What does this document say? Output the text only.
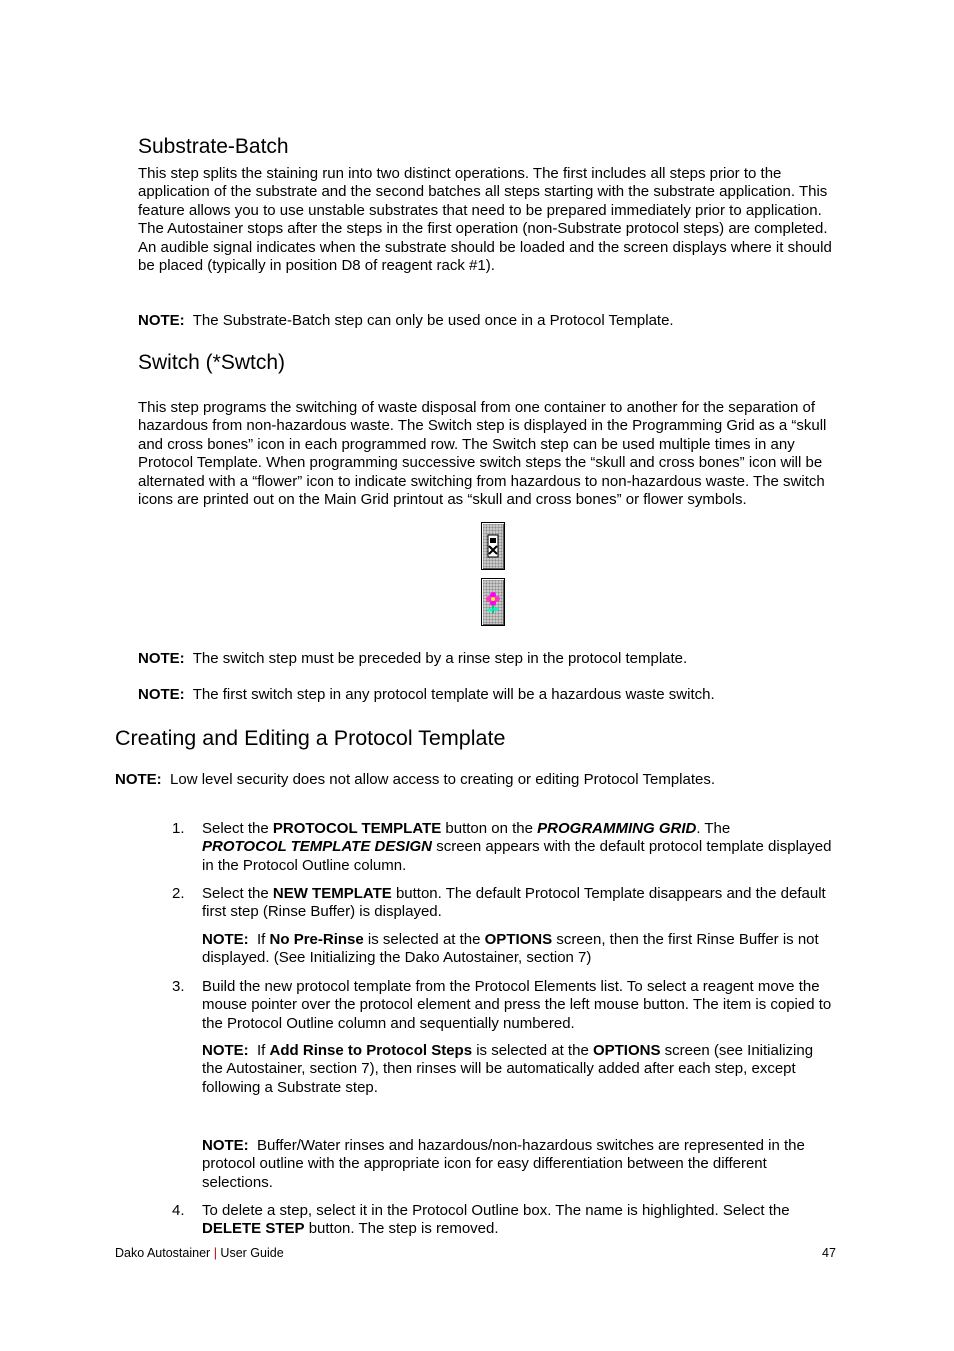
Substrate-Batch
This step splits the staining run into two distinct operations. The first includes all steps prior to the application of the substrate and the second batches all steps starting with the substrate application. This feature allows you to use unstable substrates that need to be prepared immediately prior to application. The Autostainer stops after the steps in the first operation (non-Substrate protocol steps) are completed. An audible signal indicates when the substrate should be loaded and the screen displays where it should be placed (typically in position D8 of reagent rack #1).
NOTE: The Substrate-Batch step can only be used once in a Protocol Template.
Switch (*Swtch)
This step programs the switching of waste disposal from one container to another for the separation of hazardous from non-hazardous waste. The Switch step is displayed in the Programming Grid as a “skull and cross bones” icon in each programmed row. The Switch step can be used multiple times in any Protocol Template. When programming successive switch steps the “skull and cross bones” icon will be alternated with a “flower” icon to indicate switching from hazardous to non-hazardous waste. The switch icons are printed out on the Main Grid printout as “skull and cross bones” or flower symbols.
NOTE: The switch step must be preceded by a rinse step in the protocol template.
NOTE: The first switch step in any protocol template will be a hazardous waste switch.
Creating and Editing a Protocol Template
NOTE: Low level security does not allow access to creating or editing Protocol Templates.
1. Select the PROTOCOL TEMPLATE button on the PROGRAMMING GRID. The
PROTOCOL TEMPLATE DESIGN screen appears with the default protocol template displayed in the Protocol Outline column.
2. Select the NEW TEMPLATE button. The default Protocol Template disappears and the default first step (Rinse Buffer) is displayed.
NOTE: If No Pre-Rinse is selected at the OPTIONS screen, then the first Rinse Buffer is not displayed. (See Initializing the Dako Autostainer, section 7)
3. Build the new protocol template from the Protocol Elements list. To select a reagent move the mouse pointer over the protocol element and press the left mouse button. The item is copied to the Protocol Outline column and sequentially numbered.
NOTE: If Add Rinse to Protocol Steps is selected at the OPTIONS screen (see Initializing the Autostainer, section 7), then rinses will be automatically added after each step, except following a Substrate step.
NOTE: Buffer/Water rinses and hazardous/non-hazardous switches are represented in the protocol outline with the appropriate icon for easy differentiation between the different selections.
4. To delete a step, select it in the Protocol Outline box. The name is highlighted. Select the DELETE STEP button. The step is removed.
Dako Autostainer | User Guide	47
